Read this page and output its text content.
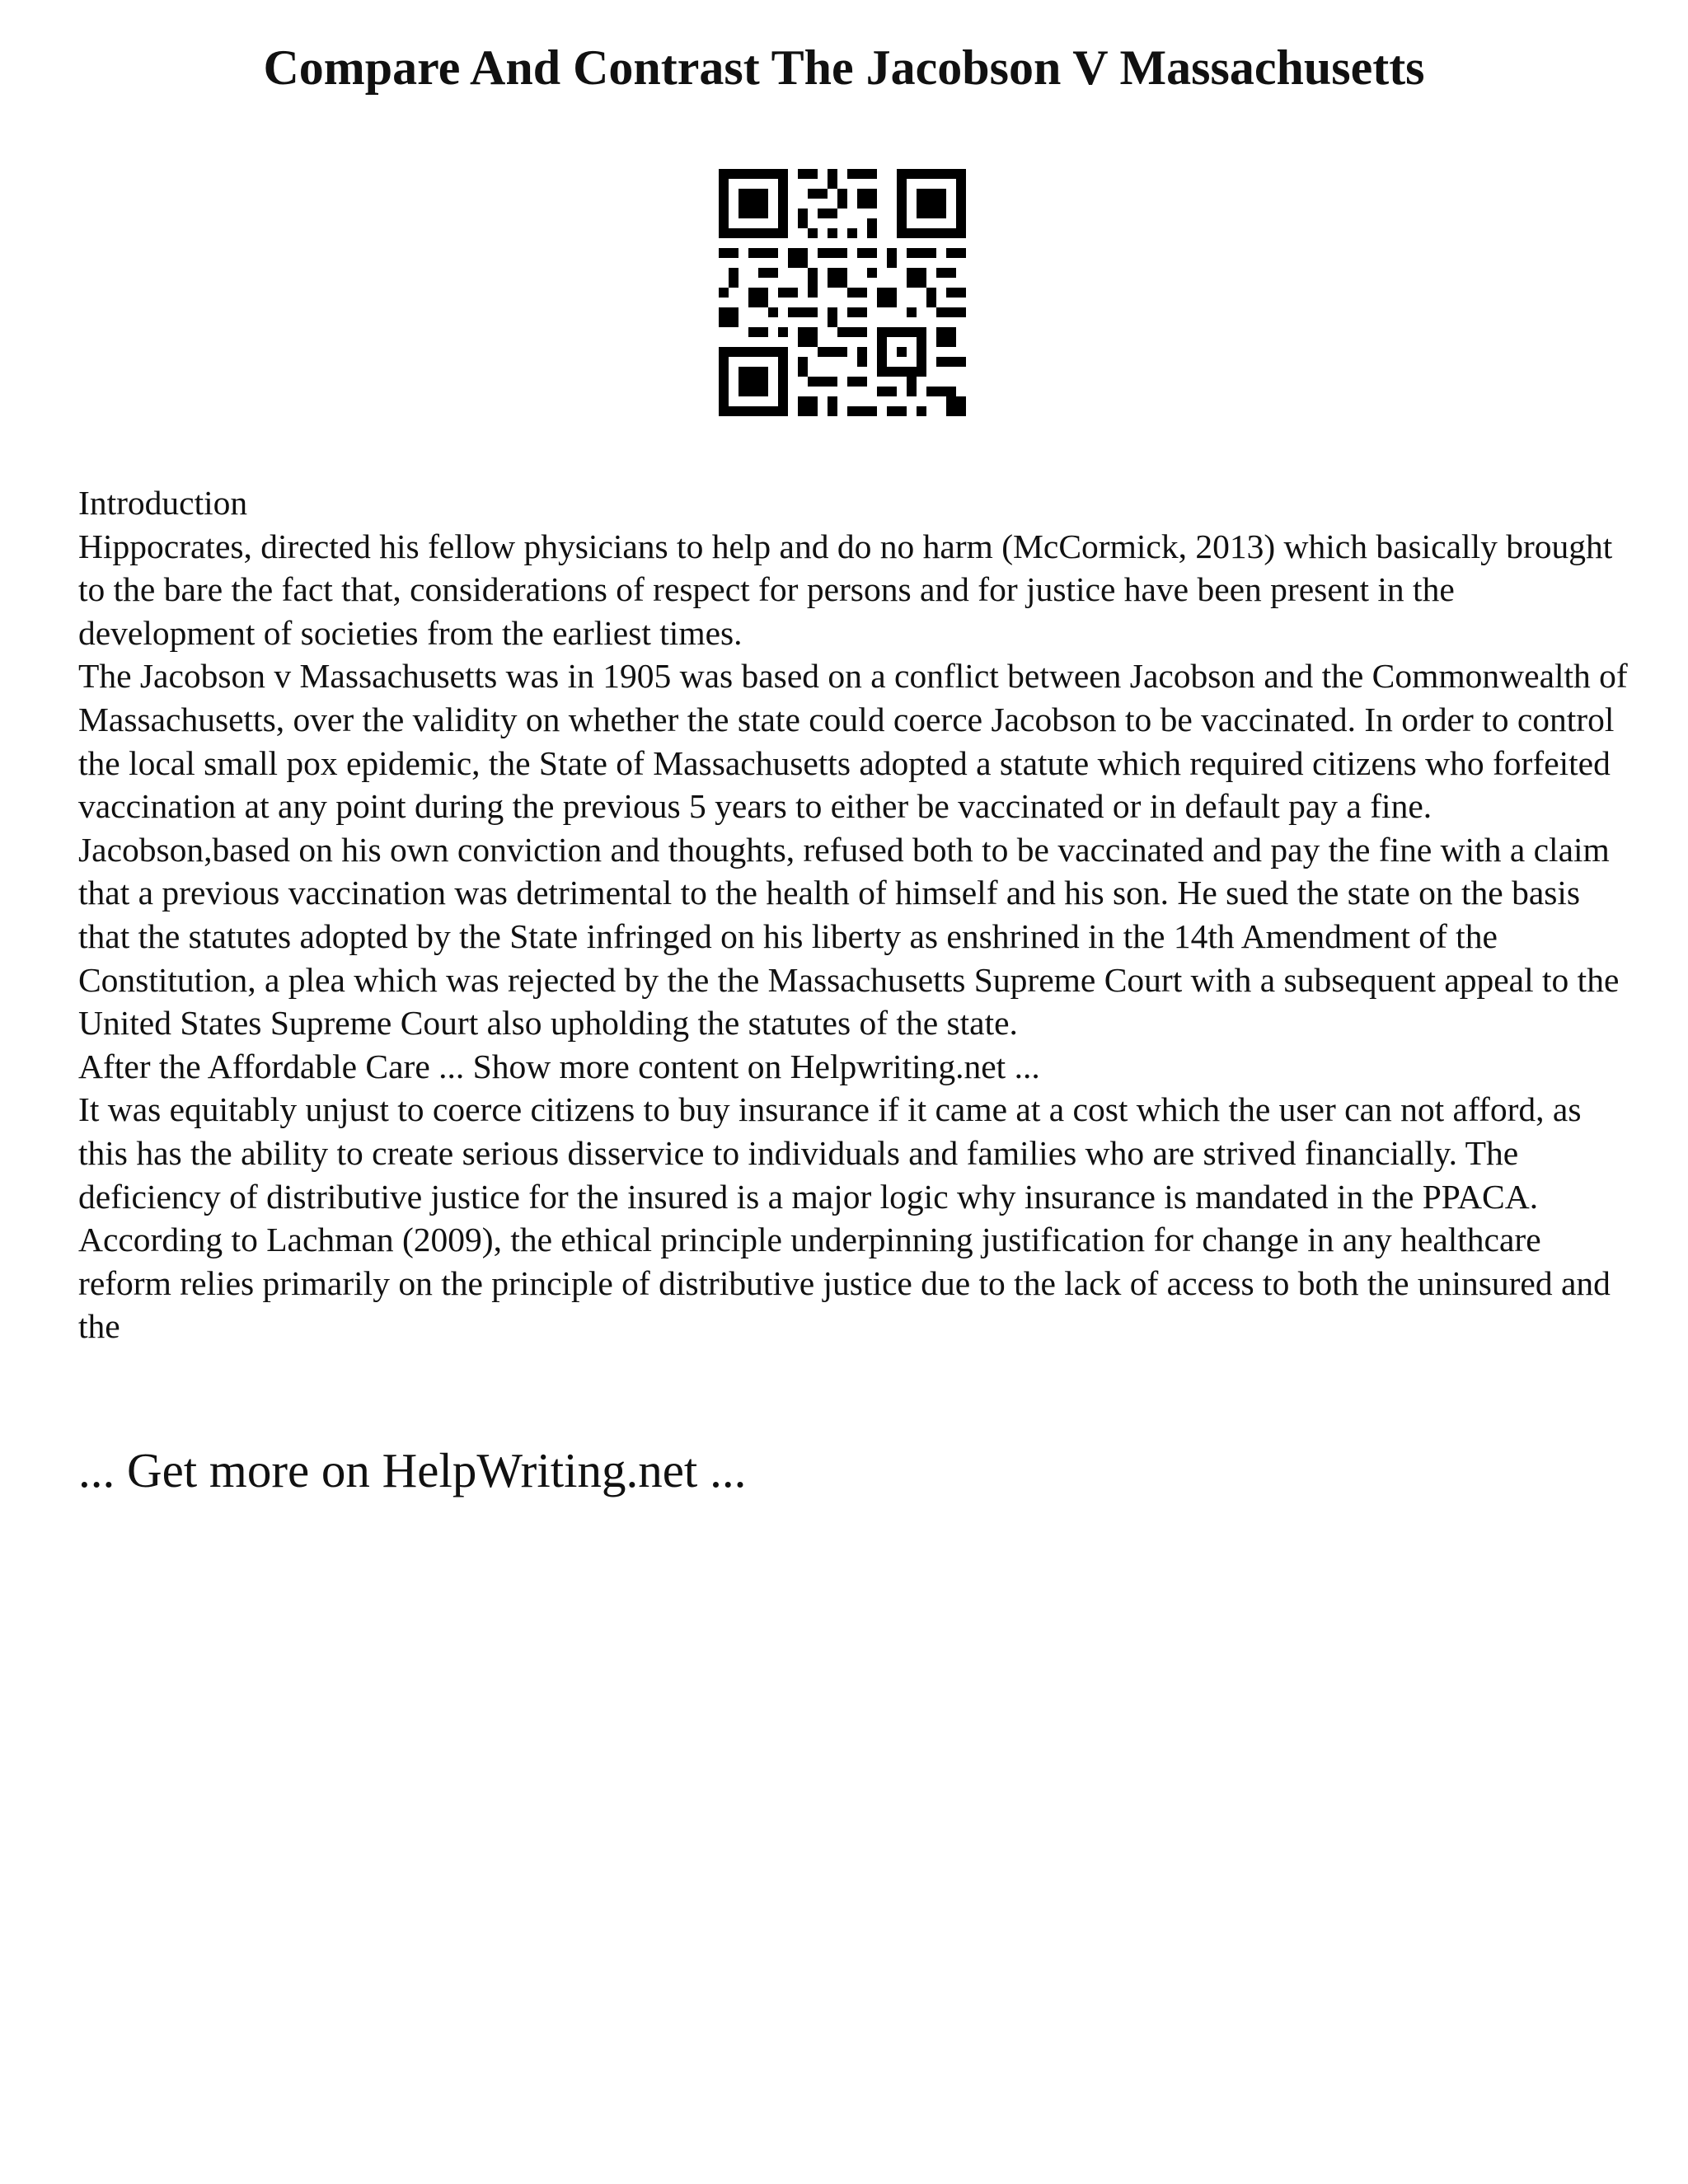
Compare And Contrast The Jacobson V Massachusetts

Introduction

Hippocrates, directed his fellow physicians to help and do no harm (McCormick, 2013) which basically brought to the bare the fact that, considerations of respect for persons and for justice have been present in the development of societies from the earliest times.

The Jacobson v Massachusetts was in 1905 was based on a conflict between Jacobson and the Commonwealth of Massachusetts, over the validity on whether the state could coerce Jacobson to be vaccinated. In order to control the local small pox epidemic, the State of Massachusetts adopted a statute which required citizens who forfeited vaccination at any point during the previous 5 years to either be vaccinated or in default pay a fine. Jacobson,based on his own conviction and thoughts, refused both to be vaccinated and pay the fine with a claim that a previous vaccination was detrimental to the health of himself and his son. He sued the state on the basis that the statutes adopted by the State infringed on his liberty as enshrined in the 14th Amendment of the Constitution, a plea which was rejected by the the Massachusetts Supreme Court with a subsequent appeal to the United States Supreme Court also upholding the statutes of the state.

After the Affordable Care ... Show more content on Helpwriting.net ...

It was equitably unjust to coerce citizens to buy insurance if it came at a cost which the user can not afford, as this has the ability to create serious disservice to individuals and families who are strived financially. The deficiency of distributive justice for the insured is a major logic why insurance is mandated in the PPACA. According to Lachman (2009), the ethical principle underpinning justification for change in any healthcare reform relies primarily on the principle of distributive justice due to the lack of access to both the uninsured and the

... Get more on HelpWriting.net ...
